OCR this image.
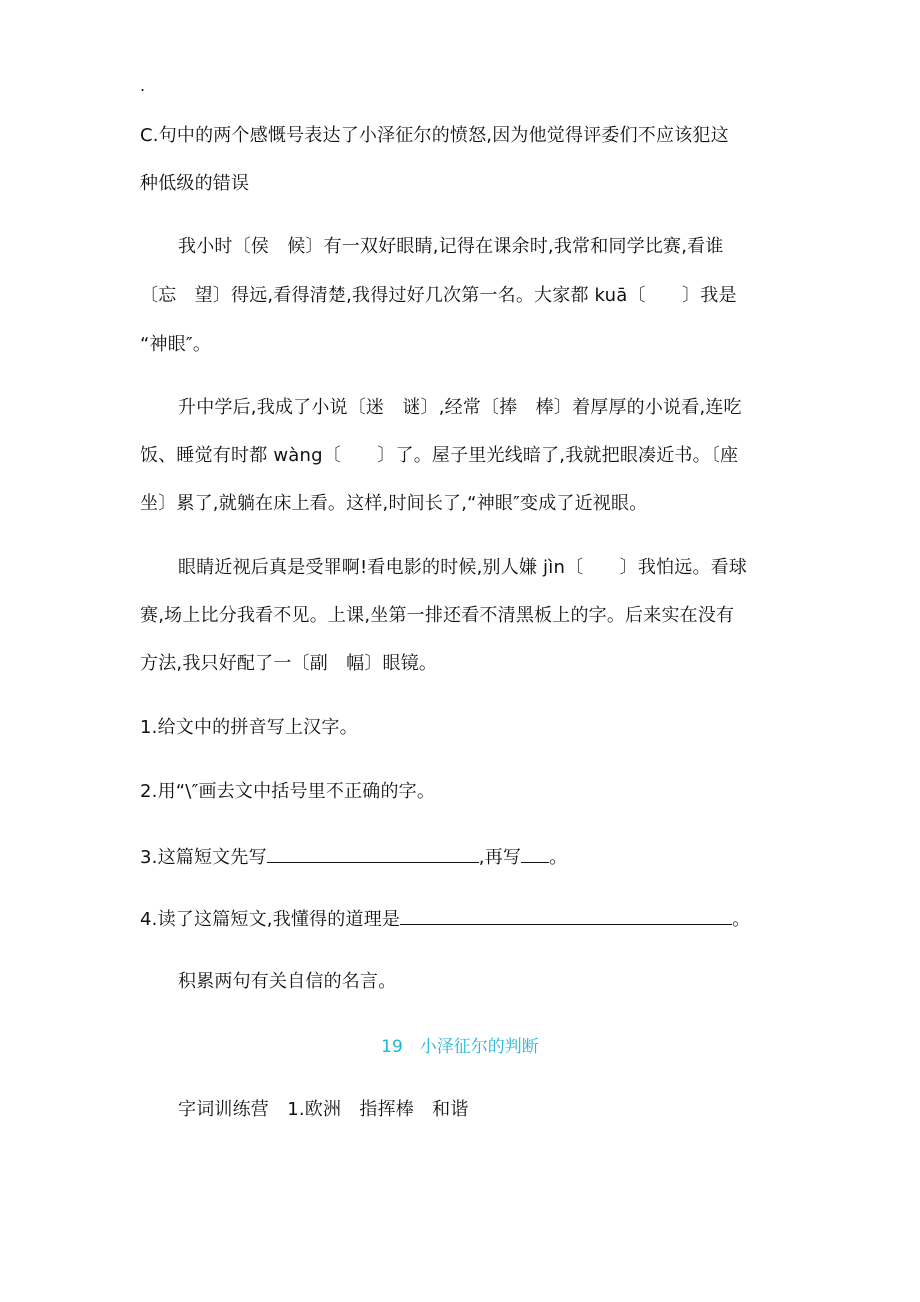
.
C.句中的两个感慨号表达了小泽征尔的愤怒,因为他觉得评委们不应该犯这
种低级的错误
我小时〔侯　候〕有一双好眼睛,记得在课余时,我常和同学比赛,看谁
〔忘　望〕得远,看得清楚,我得过好几次第一名。大家都 kuā〔　　〕我是
“神眼″。
升中学后,我成了小说〔迷　谜〕,经常〔捧　棒〕着厚厚的小说看,连吃
饭、睡觉有时都 wàng〔　　〕了。屋子里光线暗了,我就把眼凑近书。〔座
坐〕累了,就躺在床上看。这样,时间长了,“神眼″变成了近视眼。
眼睛近视后真是受罪啊!看电影的时候,别人嫌 jìn〔　　〕我怕远。看球
赛,场上比分我看不见。上课,坐第一排还看不清黑板上的字。后来实在没有
方法,我只好配了一〔副　幅〕眼镜。
1.给文中的拼音写上汉字。
2.用“\″画去文中括号里不正确的字。
3.这篇短文先写	,再写 。
4.读了这篇短文,我懂得的道理是	。
积累两句有关自信的名言。
19　小泽征尔的判断
字词训练营　1.欧洲　指挥棒　和谐
